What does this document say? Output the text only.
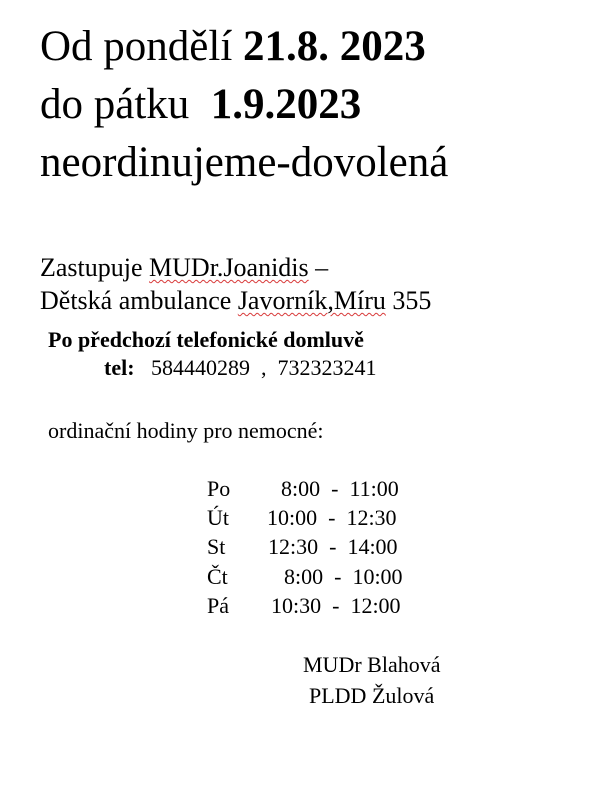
Od pondělí 21.8. 2023
do pátku 1.9.2023
neordinujeme-dovolená
Zastupuje MUDr.Joanidis –
Dětská ambulance Javorník,Míru 355
Po předchozí telefonické domluvě
tel: 584440289  ,  732323241
ordinační hodiny pro nemocné:
Po 8:00  -  11:00
Út 10:00  -  12:30
St 12:30  -  14:00
Čt	8:00  -  10:00
Pá 10:30  -  12:00
MUDr Blahová
PLDD Žulová
